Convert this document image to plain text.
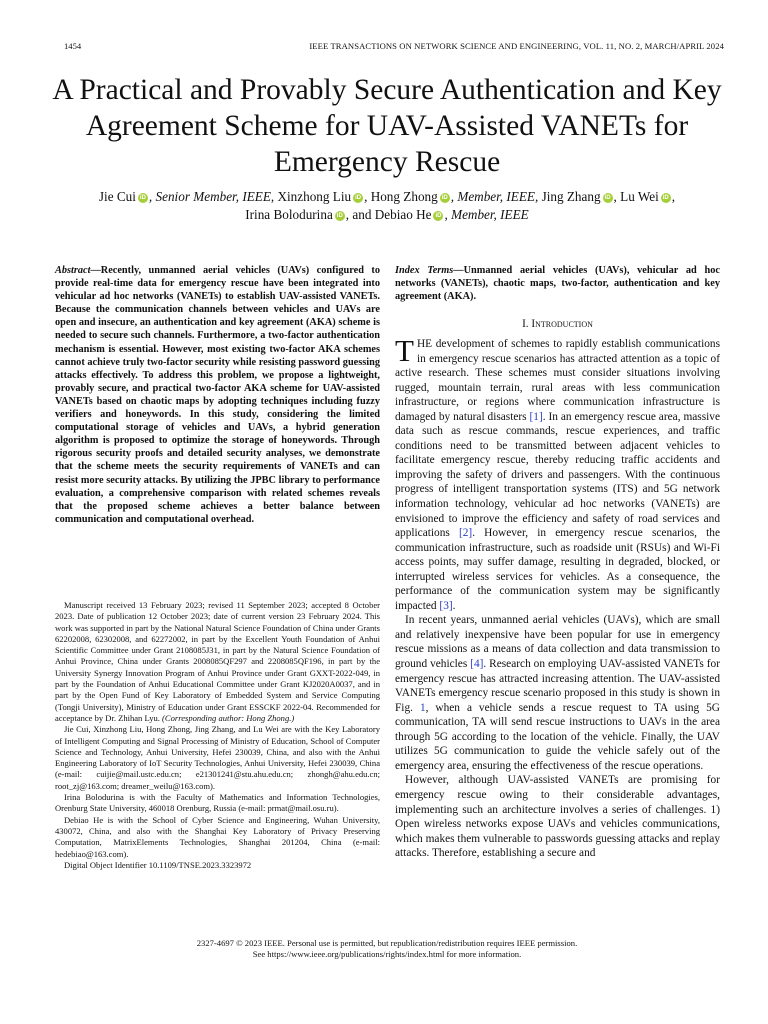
1454	IEEE TRANSACTIONS ON NETWORK SCIENCE AND ENGINEERING, VOL. 11, NO. 2, MARCH/APRIL 2024
A Practical and Provably Secure Authentication and Key Agreement Scheme for UAV-Assisted VANETs for Emergency Rescue
Jie Cui iD , Senior Member, IEEE, Xinzhong Liu iD , Hong Zhong iD , Member, IEEE, Jing Zhang iD , Lu Wei iD ,
Irina Bolodurina iD , and Debiao He iD , Member, IEEE
Abstract—Recently, unmanned aerial vehicles (UAVs) configured to provide real-time data for emergency rescue have been integrated into vehicular ad hoc networks (VANETs) to establish UAV-assisted VANETs. Because the communication channels between vehicles and UAVs are open and insecure, an authentication and key agreement (AKA) scheme is needed to secure such channels. Furthermore, a two-factor authentication mechanism is essential. However, most existing two-factor AKA schemes cannot achieve truly two-factor security while resisting password guessing attacks effectively. To address this problem, we propose a lightweight, provably secure, and practical two-factor AKA scheme for UAV-assisted VANETs based on chaotic maps by adopting techniques including fuzzy verifiers and honeywords. In this study, considering the limited computational storage of vehicles and UAVs, a hybrid generation algorithm is proposed to optimize the storage of honeywords. Through rigorous security proofs and detailed security analyses, we demonstrate that the scheme meets the security requirements of VANETs and can resist more security attacks. By utilizing the JPBC library to performance evaluation, a comprehensive comparison with related schemes reveals that the proposed scheme achieves a better balance between communication and computational overhead.

Manuscript received 13 February 2023; revised 11 September 2023; accepted 8 October 2023. Date of publication 12 October 2023; date of current version 23 February 2024. This work was supported in part by the National Natural Science Foundation of China under Grants 62202008, 62302008, and 62272002, in part by the Excellent Youth Foundation of Anhui Scientific Committee under Grant 2108085J31, in part by the Natural Science Foundation of Anhui Province, China under Grants 2008085QF297 and 2208085QF196, in part by the University Synergy Innovation Program of Anhui Province under Grant GXXT-2022-049, in part by the Foundation of Anhui Educational Committee under Grant KJ2020A0037, and in part by the Open Fund of Key Laboratory of Embedded System and Service Computing (Tongji University), Ministry of Education under Grant ESSCKF 2022-04. Recommended for acceptance by Dr. Zhihan Lyu. (Corresponding author: Hong Zhong.)

Jie Cui, Xinzhong Liu, Hong Zhong, Jing Zhang, and Lu Wei are with the Key Laboratory of Intelligent Computing and Signal Processing of Ministry of Education, School of Computer Science and Technology, Anhui University, Hefei 230039, China, and also with the Anhui Engineering Laboratory of IoT Security Technologies, Anhui University, Hefei 230039, China (e-mail: cuijie@mail.ustc.edu.cn; e21301241@stu.ahu.edu.cn; zhongh@ahu.edu.cn; root_zj@163.com; dreamer_weilu@163.com).

Irina Bolodurina is with the Faculty of Mathematics and Information Technologies, Orenburg State University, 460018 Orenburg, Russia (e-mail: prmat@mail.osu.ru).

Debiao He is with the School of Cyber Science and Engineering, Wuhan University, 430072, China, and also with the Shanghai Key Laboratory of Privacy Preserving Computation, MatrixElements Technologies, Shanghai 201204, China (e-mail: hedebiao@163.com).

Digital Object Identifier 10.1109/TNSE.2023.3323972

Index Terms—Unmanned aerial vehicles (UAVs), vehicular ad hoc networks (VANETs), chaotic maps, two-factor, authentication and key agreement (AKA).
I. Introduction

THE development of schemes to rapidly establish communications in emergency rescue scenarios has attracted attention as a topic of active research. These schemes must consider situations involving rugged, mountain terrain, rural areas with less communication infrastructure, or regions where communication infrastructure is damaged by natural disasters [1]. In an emergency rescue area, massive data such as rescue commands, rescue experiences, and traffic conditions need to be transmitted between adjacent vehicles to facilitate emergency rescue, thereby reducing traffic accidents and improving the safety of drivers and passengers. With the continuous progress of intelligent transportation systems (ITS) and 5G network information technology, vehicular ad hoc networks (VANETs) are envisioned to improve the efficiency and safety of road services and applications [2]. However, in emergency rescue scenarios, the communication infrastructure, such as roadside unit (RSUs) and Wi-Fi access points, may suffer damage, resulting in degraded, blocked, or interrupted wireless services for vehicles. As a consequence, the performance of the communication system may be significantly impacted [3].

In recent years, unmanned aerial vehicles (UAVs), which are small and relatively inexpensive have been popular for use in emergency rescue missions as a means of data collection and data transmission to ground vehicles [4]. Research on employing UAV-assisted VANETs for emergency rescue has attracted increasing attention. The UAV-assisted VANETs emergency rescue scenario proposed in this study is shown in Fig. 1, when a vehicle sends a rescue request to TA using 5G communication, TA will send rescue instructions to UAVs in the area through 5G according to the location of the vehicle. Finally, the UAV utilizes 5G communication to guide the vehicle safely out of the emergency area, ensuring the effectiveness of the rescue operations.

However, although UAV-assisted VANETs are promising for emergency rescue owing to their considerable advantages, implementing such an architecture involves a series of challenges. 1) Open wireless networks expose UAVs and vehicles communications, which makes them vulnerable to passwords guessing attacks and replay attacks. Therefore, establishing a secure and

2327-4697 © 2023 IEEE. Personal use is permitted, but republication/redistribution requires IEEE permission.
See https://www.ieee.org/publications/rights/index.html for more information.
